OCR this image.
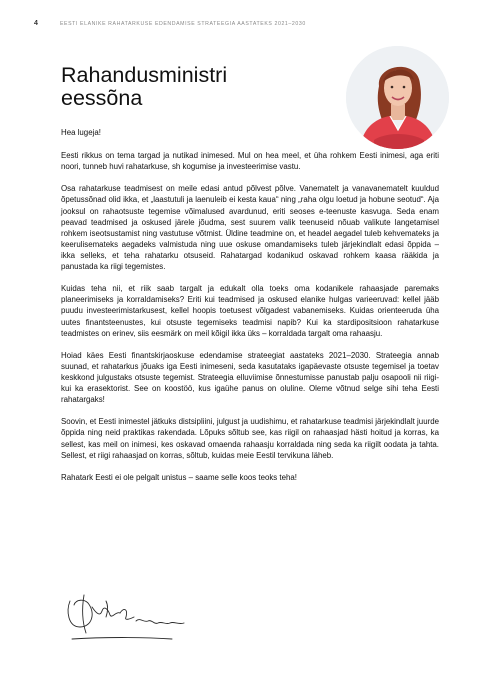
4	EESTI ELANIKE RAHATARKUSE EDENDAMISE STRATEEGIA AASTATEKS 2021–2030
Rahandusministri
eessõna

Hea lugeja!

Eesti rikkus on tema targad ja nutikad inimesed. Mul on hea meel, et üha rohkem Eesti inimesi, aga eriti noori, tunneb huvi rahatarkuse, sh kogumise ja investeerimise vastu.

Osa rahatarkuse teadmisest on meile edasi antud põlvest põlve. Vanematelt ja vanavanematelt kuuldud õpetussõnad olid ikka, et „laastutuli ja laenuleib ei kesta kaua“ ning „raha olgu loetud ja hobune seotud“. Aja jooksul on rahaotsuste tegemise võimalused avardunud, eriti seoses e-teenuste kasvuga. Seda enam peavad teadmised ja oskused järele jõudma, sest suurem valik teenuseid nõuab valikute langetamisel rohkem iseotsustamist ning vastutuse võtmist. Üldine teadmine on, et headel aegadel tuleb kehvemateks ja keerulisemateks aegadeks valmistuda ning uue oskuse omandamiseks tuleb järjekindlalt edasi õppida – ikka selleks, et teha rahatarku otsuseid. Rahatargad kodanikud oskavad rohkem kaasa rääkida ja panustada ka riigi tegemistes.

Kuidas teha nii, et riik saab targalt ja edukalt olla toeks oma kodanikele rahaasjade paremaks planeerimiseks ja korraldamiseks? Eriti kui teadmised ja oskused elanike hulgas varieeruvad: kellel jääb puudu investeerimistarkusest, kellel hoopis toetusest võlgadest vabanemiseks. Kuidas orienteeruda üha uutes finantsteenustes, kui otsuste tegemiseks teadmisi napib? Kui ka stardipositsioon rahatarkuse teadmistes on erinev, siis eesmärk on meil kõigil ikka üks – korraldada targalt oma rahaasju.

Hoiad käes Eesti finantskirjaoskuse edendamise strateegiat aastateks 2021–2030. Strateegia annab suunad, et rahatarkus jõuaks iga Eesti inimeseni, seda kasutataks igapäevaste otsuste tegemisel ja toetav keskkond julgustaks otsuste tegemist. Strateegia elluviimise õnnestumisse panustab palju osapooli nii riigi- kui ka erasektorist. See on koostöö, kus igaühe panus on oluline. Oleme võtnud selge sihi teha Eesti rahatargaks!

Soovin, et Eesti inimestel jätkuks distsipliini, julgust ja uudishimu, et rahatarkuse teadmisi järjekindlalt juurde õppida ning neid praktikas rakendada. Lõpuks sõltub see, kas riigil on rahaasjad hästi hoitud ja korras, ka sellest, kas meil on inimesi, kes oskavad omaenda rahaasju korraldada ning seda ka riigilt oodata ja tahta. Sellest, et riigi rahaasjad on korras, sõltub, kuidas meie Eestil tervikuna läheb.

Rahatark Eesti ei ole pelgalt unistus – saame selle koos teoks teha!
